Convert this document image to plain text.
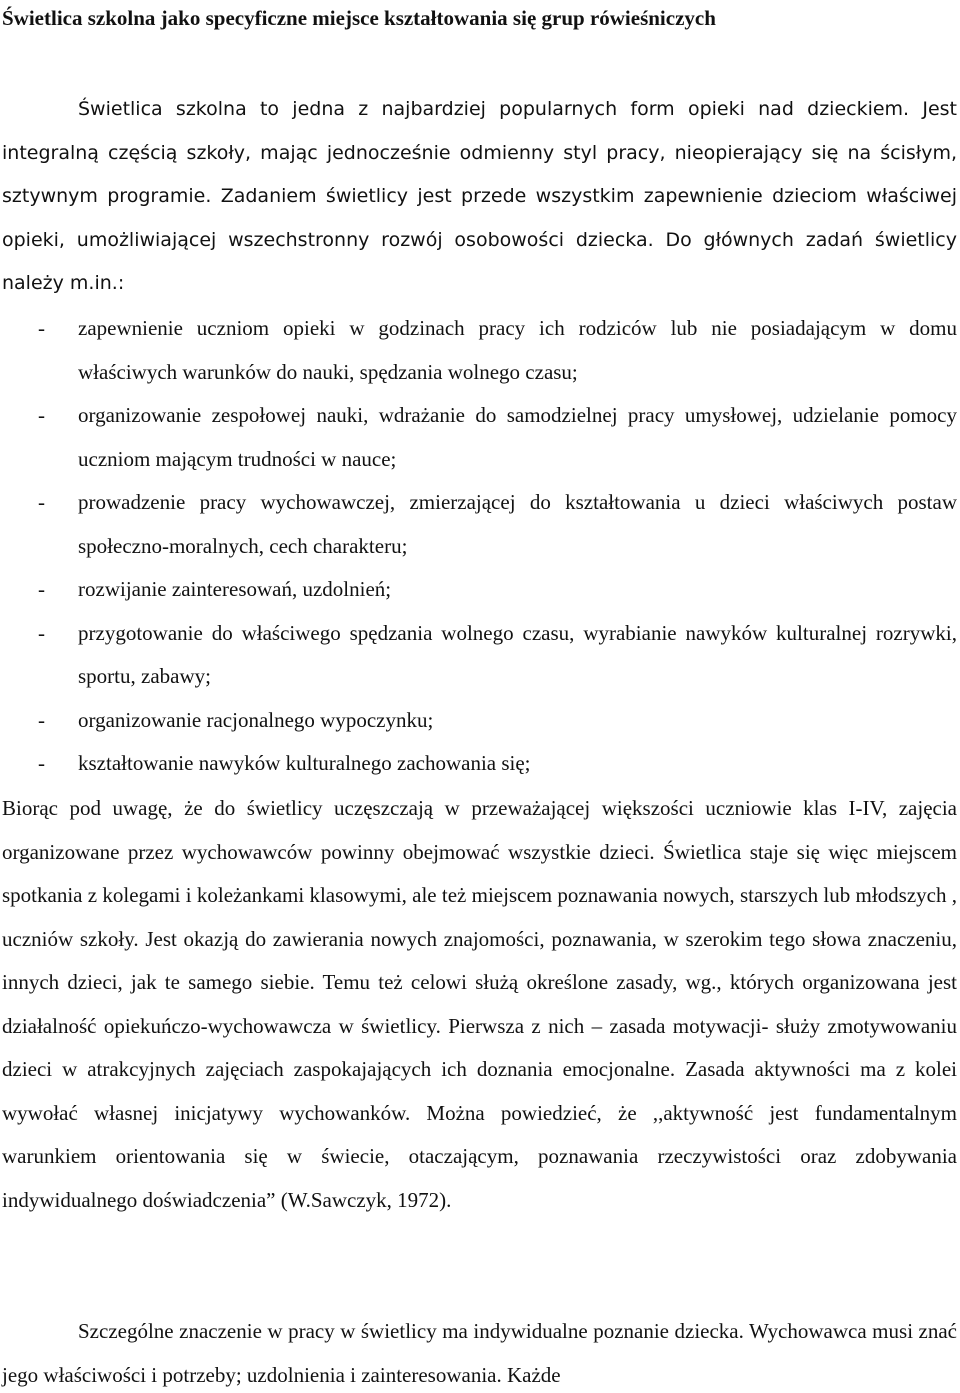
Świetlica szkolna jako specyficzne miejsce kształtowania się grup rówieśniczych
Świetlica szkolna to jedna z najbardziej popularnych form opieki nad dzieckiem. Jest integralną częścią szkoły, mając jednocześnie odmienny styl pracy, nieopierający się na ścisłym, sztywnym programie. Zadaniem świetlicy jest przede wszystkim zapewnienie dzieciom właściwej opieki, umożliwiającej wszechstronny rozwój osobowości dziecka. Do głównych zadań świetlicy należy m.in.:
- zapewnienie uczniom opieki w godzinach pracy ich rodziców lub nie posiadającym w domu właściwych warunków do nauki, spędzania wolnego czasu;
- organizowanie zespołowej nauki, wdrażanie do samodzielnej pracy umysłowej, udzielanie pomocy uczniom mającym trudności w nauce;
- prowadzenie pracy wychowawczej, zmierzającej do kształtowania u dzieci właściwych postaw społeczno-moralnych, cech charakteru;
- rozwijanie zainteresowań, uzdolnień;
- przygotowanie do właściwego spędzania wolnego czasu, wyrabianie nawyków kulturalnej rozrywki, sportu, zabawy;
- organizowanie racjonalnego wypoczynku;
- kształtowanie nawyków kulturalnego zachowania się;
Biorąc pod uwagę, że do świetlicy uczęszczają w przeważającej większości uczniowie klas I-IV, zajęcia organizowane przez wychowawców powinny obejmować wszystkie dzieci. Świetlica staje się więc miejscem spotkania z kolegami i koleżankami klasowymi, ale też miejscem poznawania nowych, starszych lub młodszych , uczniów szkoły. Jest okazją do zawierania nowych znajomości, poznawania, w szerokim tego słowa znaczeniu, innych dzieci, jak te samego siebie. Temu też celowi służą określone zasady, wg., których organizowana jest działalność opiekuńczo-wychowawcza w świetlicy. Pierwsza z nich – zasada motywacji- służy zmotywowaniu dzieci w atrakcyjnych zajęciach zaspokajających ich doznania emocjonalne. Zasada aktywności ma z kolei wywołać własnej inicjatywy wychowanków. Można powiedzieć, że ,,aktywność jest fundamentalnym warunkiem orientowania się w świecie, otaczającym, poznawania rzeczywistości oraz zdobywania indywidualnego doświadczenia” (W.Sawczyk, 1972).
Szczególne znaczenie w pracy w świetlicy ma indywidualne poznanie dziecka. Wychowawca musi znać jego właściwości i potrzeby; uzdolnienia i zainteresowania. Każde
